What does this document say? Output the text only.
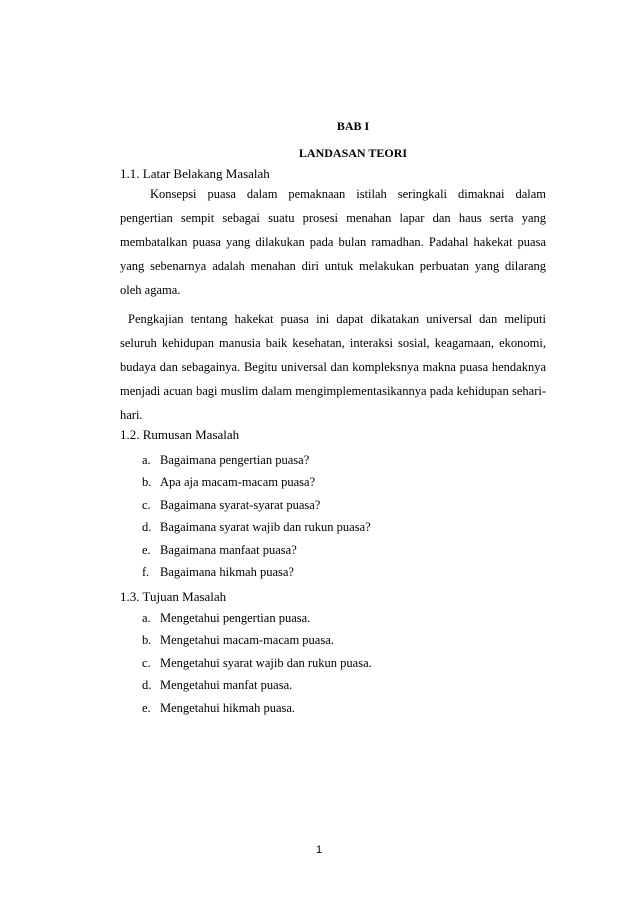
BAB I
LANDASAN TEORI
1.1. Latar Belakang Masalah

Konsepsi puasa dalam pemaknaan istilah seringkali dimaknai dalam pengertian sempit sebagai suatu prosesi menahan lapar dan haus serta yang membatalkan puasa yang dilakukan pada bulan ramadhan. Padahal hakekat puasa yang sebenarnya adalah menahan diri untuk melakukan perbuatan yang dilarang oleh agama.

Pengkajian tentang hakekat puasa ini dapat dikatakan universal dan meliputi seluruh kehidupan manusia baik kesehatan, interaksi sosial, keagamaan, ekonomi, budaya dan sebagainya. Begitu universal dan kompleksnya makna puasa hendaknya menjadi acuan bagi muslim dalam mengimplementasikannya pada kehidupan sehari-hari.

1.2. Rumusan Masalah
a. Bagaimana pengertian puasa?
b. Apa aja macam-macam puasa?
c. Bagaimana syarat-syarat puasa?
d. Bagaimana syarat wajib dan rukun puasa?
e. Bagaimana manfaat puasa?
f. Bagaimana hikmah puasa?
1.3. Tujuan Masalah
a. Mengetahui pengertian puasa.
b. Mengetahui macam-macam puasa.
c. Mengetahui syarat wajib dan rukun puasa.
d. Mengetahui manfat puasa.
e. Mengetahui hikmah puasa.

1
